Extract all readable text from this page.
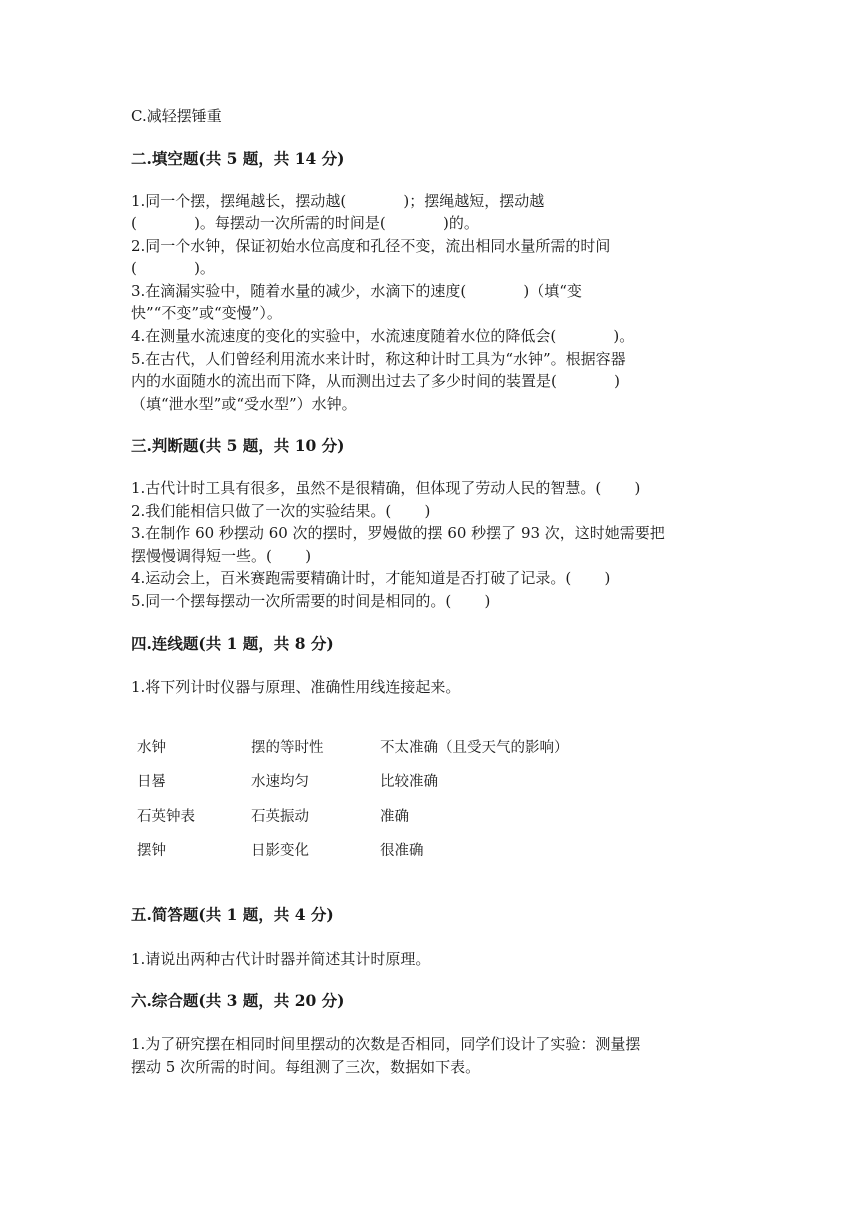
C.减轻摆锤重
二.填空题(共 5 题，共 14 分)
1.同一个摆，摆绳越长，摆动越(            )；摆绳越短，摆动越
(            )。每摆动一次所需的时间是(            )的。
2.同一个水钟，保证初始水位高度和孔径不变，流出相同水量所需的时间
(            )。
3.在滴漏实验中，随着水量的减少，水滴下的速度(            )（填“变
快”“不变”或“变慢”）。
4.在测量水流速度的变化的实验中，水流速度随着水位的降低会(            )。
5.在古代，人们曾经利用流水来计时，称这种计时工具为“水钟”。根据容器
内的水面随水的流出而下降，从而测出过去了多少时间的装置是(            )
（填“泄水型”或“受水型”）水钟。
三.判断题(共 5 题，共 10 分)
1.古代计时工具有很多，虽然不是很精确，但体现了劳动人民的智慧。(       )
2.我们能相信只做了一次的实验结果。(       )
3.在制作 60 秒摆动 60 次的摆时，罗嫚做的摆 60 秒摆了 93 次，这时她需要把
摆慢慢调得短一些。(       )
4.运动会上，百米赛跑需要精确计时，才能知道是否打破了记录。(       )
5.同一个摆每摆动一次所需要的时间是相同的。(       )
四.连线题(共 1 题，共 8 分)
1.将下列计时仪器与原理、准确性用线连接起来。
水钟
日晷
石英钟表
摆钟
摆的等时性
水速均匀
石英振动
日影变化
不太准确（且受天气的影响）
比较准确
准确
很准确
五.简答题(共 1 题，共 4 分)
1.请说出两种古代计时器并简述其计时原理。
六.综合题(共 3 题，共 20 分)
1.为了研究摆在相同时间里摆动的次数是否相同，同学们设计了实验：测量摆
摆动 5 次所需的时间。每组测了三次，数据如下表。
